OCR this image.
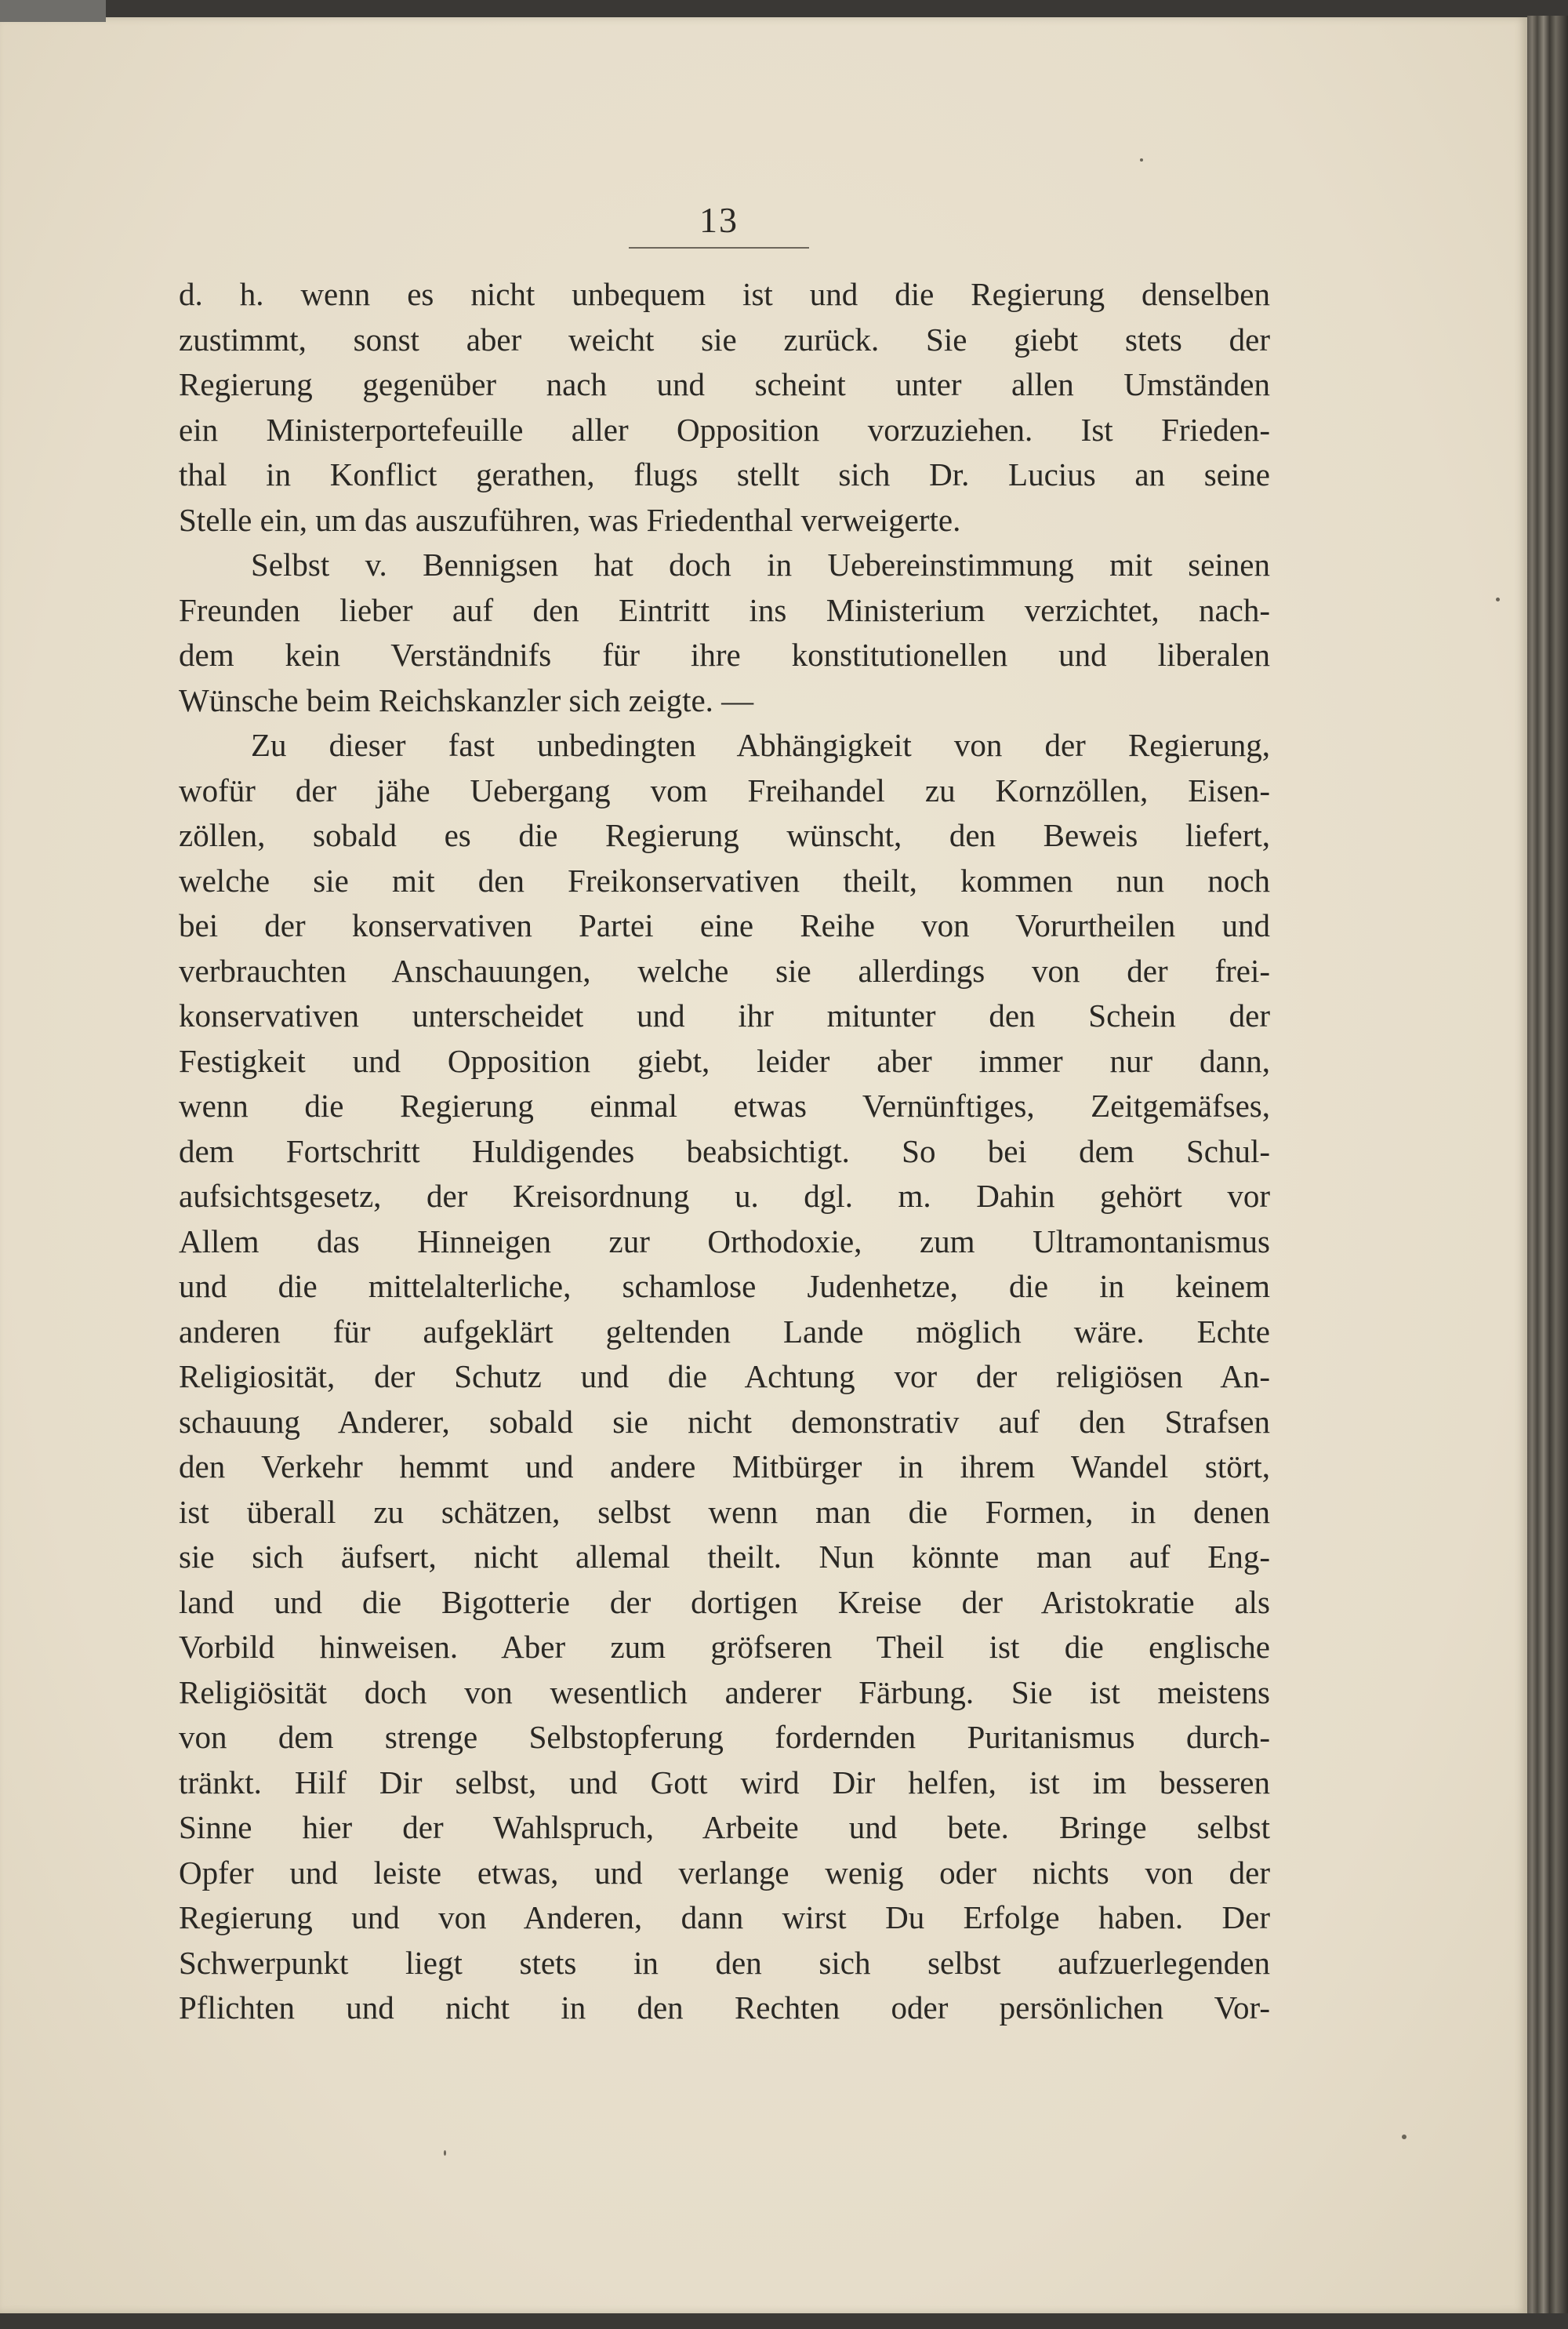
13
d. h. wenn es nicht unbequem ist und die Regierung denselben
zustimmt, sonst aber weicht sie zurück. Sie giebt stets der
Regierung gegenüber nach und scheint unter allen Umständen
ein Ministerportefeuille aller Opposition vorzuziehen. Ist Frieden-
thal in Konflict gerathen, flugs stellt sich Dr. Lucius an seine
Stelle ein, um das auszuführen, was Friedenthal verweigerte.
Selbst v. Bennigsen hat doch in Uebereinstimmung mit seinen
Freunden lieber auf den Eintritt ins Ministerium verzichtet, nach-
dem kein Verständnifs für ihre konstitutionellen und liberalen
Wünsche beim Reichskanzler sich zeigte. —
Zu dieser fast unbedingten Abhängigkeit von der Regierung,
wofür der jähe Uebergang vom Freihandel zu Kornzöllen, Eisen-
zöllen, sobald es die Regierung wünscht, den Beweis liefert,
welche sie mit den Freikonservativen theilt, kommen nun noch
bei der konservativen Partei eine Reihe von Vorurtheilen und
verbrauchten Anschauungen, welche sie allerdings von der frei-
konservativen unterscheidet und ihr mitunter den Schein der
Festigkeit und Opposition giebt, leider aber immer nur dann,
wenn die Regierung einmal etwas Vernünftiges, Zeitgemäfses,
dem Fortschritt Huldigendes beabsichtigt. So bei dem Schul-
aufsichtsgesetz, der Kreisordnung u. dgl. m. Dahin gehört vor
Allem das Hinneigen zur Orthodoxie, zum Ultramontanismus
und die mittelalterliche, schamlose Judenhetze, die in keinem
anderen für aufgeklärt geltenden Lande möglich wäre. Echte
Religiosität, der Schutz und die Achtung vor der religiösen An-
schauung Anderer, sobald sie nicht demonstrativ auf den Strafsen
den Verkehr hemmt und andere Mitbürger in ihrem Wandel stört,
ist überall zu schätzen, selbst wenn man die Formen, in denen
sie sich äufsert, nicht allemal theilt. Nun könnte man auf Eng-
land und die Bigotterie der dortigen Kreise der Aristokratie als
Vorbild hinweisen. Aber zum gröfseren Theil ist die englische
Religiösität doch von wesentlich anderer Färbung. Sie ist meistens
von dem strenge Selbstopferung fordernden Puritanismus durch-
tränkt. Hilf Dir selbst, und Gott wird Dir helfen, ist im besseren
Sinne hier der Wahlspruch, Arbeite und bete. Bringe selbst
Opfer und leiste etwas, und verlange wenig oder nichts von der
Regierung und von Anderen, dann wirst Du Erfolge haben. Der
Schwerpunkt liegt stets in den sich selbst aufzuerlegenden
Pflichten und nicht in den Rechten oder persönlichen Vor-
